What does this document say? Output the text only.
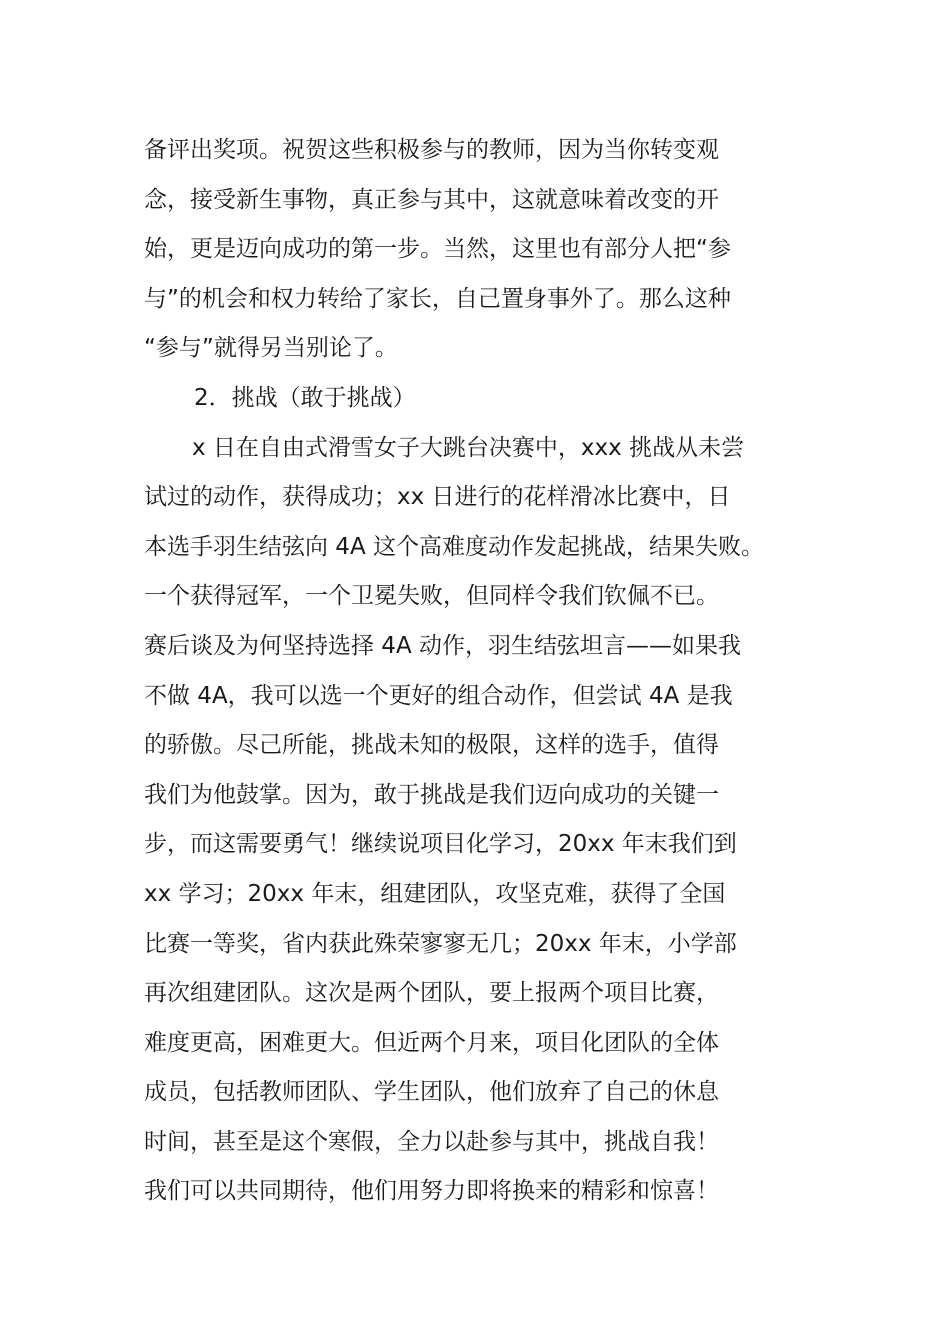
备评出奖项。祝贺这些积极参与的教师，因为当你转变观
念，接受新生事物，真正参与其中，这就意味着改变的开
始，更是迈向成功的第一步。当然，这里也有部分人把“参
与”的机会和权力转给了家长，自己置身事外了。那么这种
“参与”就得另当别论了。
2．挑战（敢于挑战）
x 日在自由式滑雪女子大跳台决赛中，xxx 挑战从未尝
试过的动作，获得成功；xx 日进行的花样滑冰比赛中，日
本选手羽生结弦向 4A 这个高难度动作发起挑战，结果失败。
一个获得冠军，一个卫冕失败，但同样令我们钦佩不已。
赛后谈及为何坚持选择 4A 动作，羽生结弦坦言——如果我
不做 4A，我可以选一个更好的组合动作，但尝试 4A 是我
的骄傲。尽己所能，挑战未知的极限，这样的选手，值得
我们为他鼓掌。因为，敢于挑战是我们迈向成功的关键一
步，而这需要勇气！继续说项目化学习，20xx 年末我们到
xx 学习；20xx 年末，组建团队，攻坚克难，获得了全国
比赛一等奖，省内获此殊荣寥寥无几；20xx 年末，小学部
再次组建团队。这次是两个团队，要上报两个项目比赛，
难度更高，困难更大。但近两个月来，项目化团队的全体
成员，包括教师团队、学生团队，他们放弃了自己的休息
时间，甚至是这个寒假，全力以赴参与其中，挑战自我！
我们可以共同期待，他们用努力即将换来的精彩和惊喜！
